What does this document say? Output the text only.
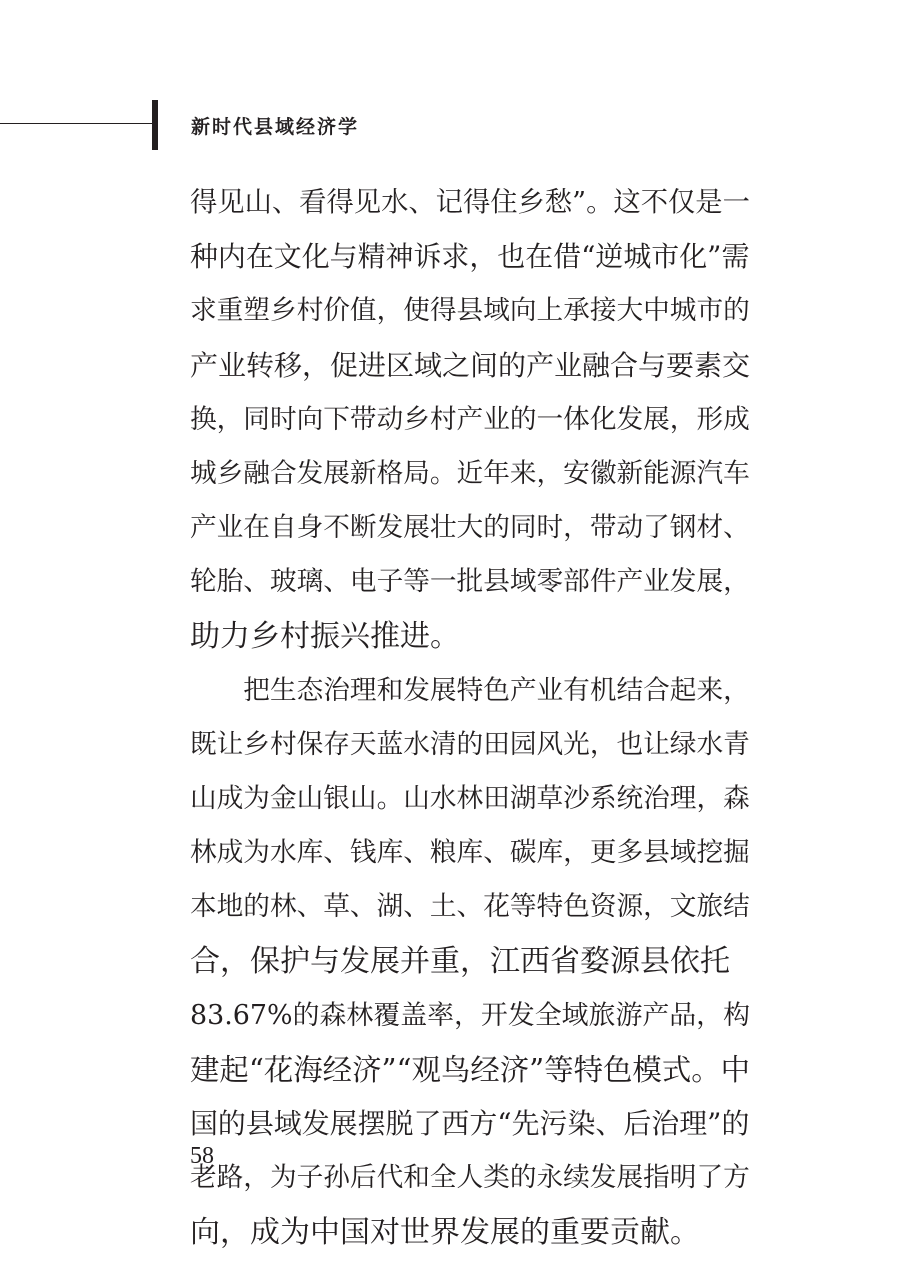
新时代县域经济学
得见山、看得见水、记得住乡愁”。这不仅是一
种内在文化与精神诉求，也在借“逆城市化”需
求重塑乡村价值，使得县域向上承接大中城市的
产业转移，促进区域之间的产业融合与要素交
换，同时向下带动乡村产业的一体化发展，形成
城乡融合发展新格局。近年来，安徽新能源汽车
产业在自身不断发展壮大的同时，带动了钢材、
轮胎、玻璃、电子等一批县域零部件产业发展，
助力乡村振兴推进。
　　把生态治理和发展特色产业有机结合起来，
既让乡村保存天蓝水清的田园风光，也让绿水青
山成为金山银山。山水林田湖草沙系统治理，森
林成为水库、钱库、粮库、碳库，更多县域挖掘
本地的林、草、湖、土、花等特色资源，文旅结
合，保护与发展并重，江西省婺源县依托
83.67%的森林覆盖率，开发全域旅游产品，构
建起“花海经济”“观鸟经济”等特色模式。中
国的县域发展摆脱了西方“先污染、后治理”的
老路，为子孙后代和全人类的永续发展指明了方
向，成为中国对世界发展的重要贡献。
58
